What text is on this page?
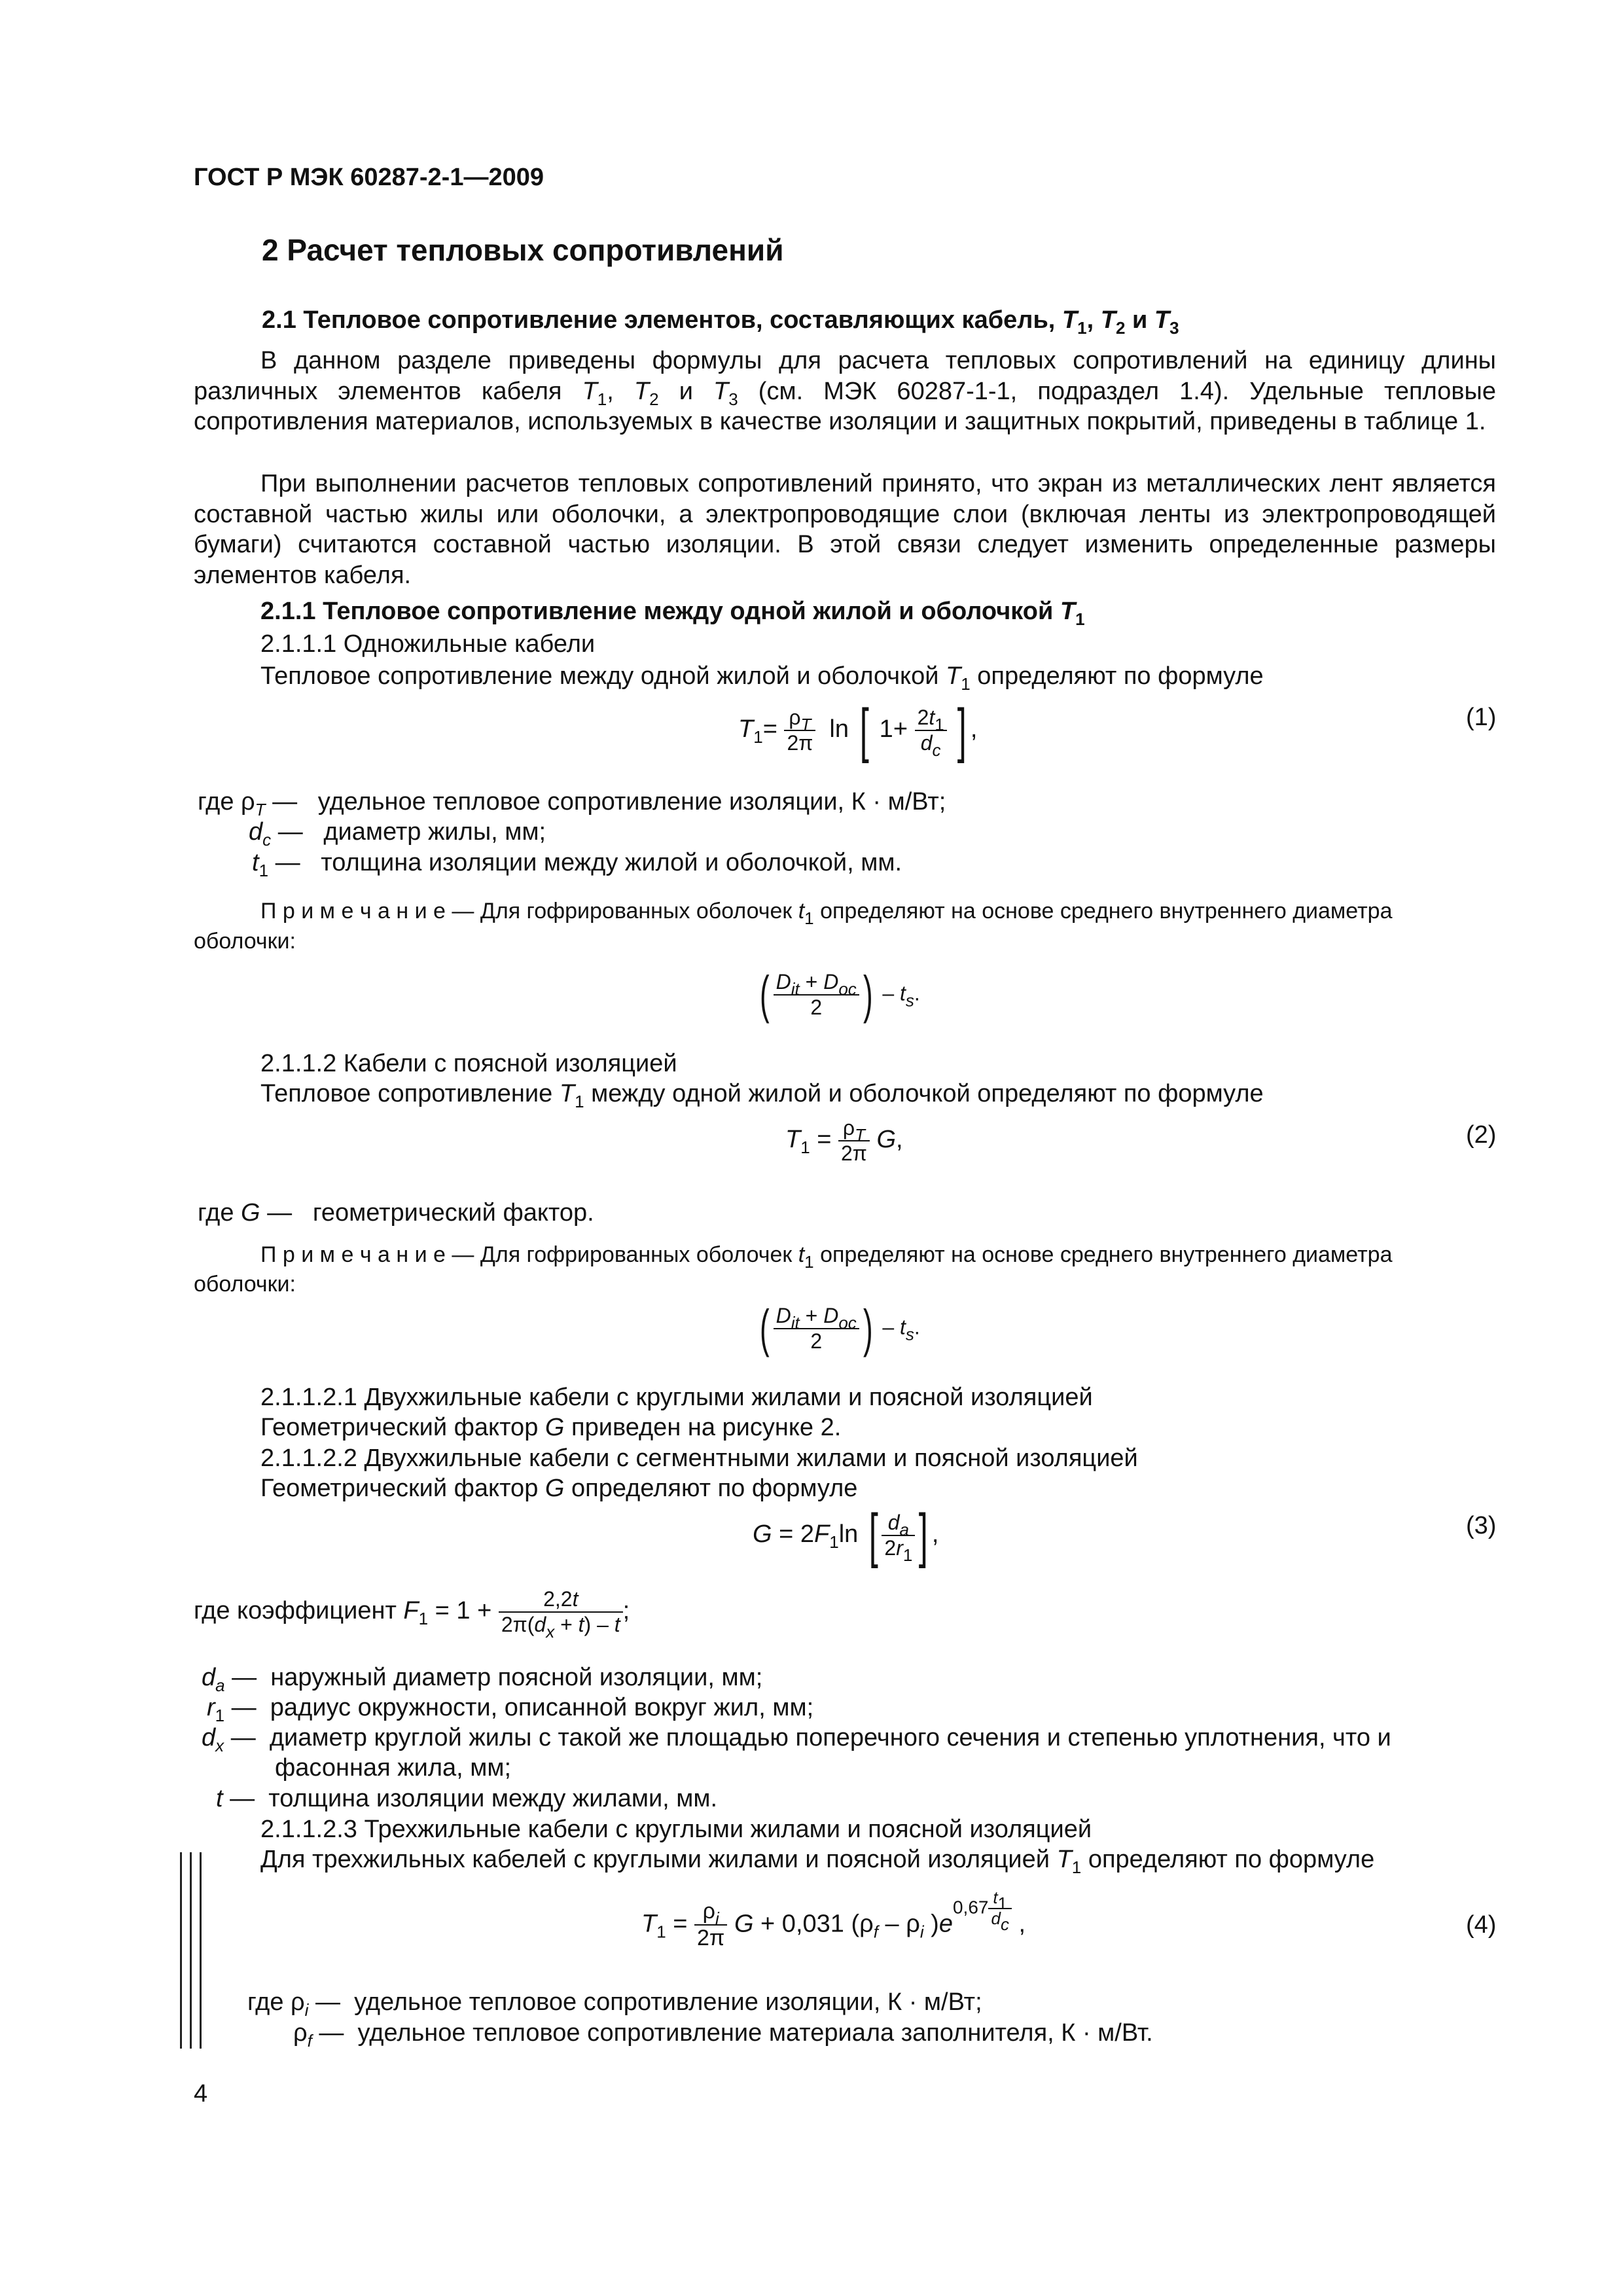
ГОСТ Р МЭК 60287-2-1—2009
2 Расчет тепловых сопротивлений
2.1 Тепловое сопротивление элементов, составляющих кабель, $T_1$, $T_2$ и $T_3$
В данном разделе приведены формулы для расчета тепловых сопротивлений на единицу длины различных элементов кабеля $T_1$, $T_2$ и $T_3$ (см. МЭК 60287-1-1, подраздел 1.4). Удельные тепловые сопротивления материалов, используемых в качестве изоляции и защитных покрытий, приведены в таблице 1.
При выполнении расчетов тепловых сопротивлений принято, что экран из металлических лент является составной частью жилы или оболочки, а электропроводящие слои (включая ленты из электропроводящей бумаги) считаются составной частью изоляции. В этой связи следует изменить определенные размеры элементов кабеля.
2.1.1 Тепловое сопротивление между одной жилой и оболочкой $T_1$
2.1.1.1 Одножильные кабели
Тепловое сопротивление между одной жилой и оболочкой $T_1$ определяют по формуле
$T_1= \frac{\rho_T}{2\pi}$ ln [ $1+ \frac{2t_1}{d_c}$ ] ,	(1)
где $\rho_T$ —   удельное тепловое сопротивление изоляции, К · м/Вт;
$d_c$ —   диаметр жилы, мм;
$t_1$ —   толщина изоляции между жилой и оболочкой, мм.
П р и м е ч а н и е — Для гофрированных оболочек $t_1$ определяют на основе среднего внутреннего диаметра
оболочки:
( $\frac{D_{it} + D_{oc}}{2}$ ) – $t_s$.
2.1.1.2 Кабели с поясной изоляцией
Тепловое сопротивление $T_1$ между одной жилой и оболочкой определяют по формуле
$T_1 = \frac{\rho_T}{2\pi} G$,	(2)
где G —   геометрический фактор.
П р и м е ч а н и е — Для гофрированных оболочек $t_1$ определяют на основе среднего внутреннего диаметра
оболочки:
( $\frac{D_{it} + D_{oc}}{2}$ ) – $t_s$.
2.1.1.2.1 Двухжильные кабели с круглыми жилами и поясной изоляцией
Геометрический фактор G приведен на рисунке 2.
2.1.1.2.2 Двухжильные кабели с сегментными жилами и поясной изоляцией
Геометрический фактор G определяют по формуле
$G = 2F_1\ln$ [ $\frac{d_a}{2r_1}$ ] ,	(3)
где коэффициент $F_1 = 1 + \frac{2,2t}{2\pi(d_x + t) - t}$ ;
$d_a$ —  наружный диаметр поясной изоляции, мм;
$r_1$ —  радиус окружности, описанной вокруг жил, мм;
$d_x$ —  диаметр круглой жилы с такой же площадью поперечного сечения и степенью уплотнения, что и
фасонная жила, мм;
t —  толщина изоляции между жилами, мм.
2.1.1.2.3 Трехжильные кабели с круглыми жилами и поясной изоляцией
Для трехжильных кабелей с круглыми жилами и поясной изоляцией $T_1$ определяют по формуле
$T_1 = \frac{\rho_i}{2\pi}$ G + 0,031 ($\rho_f - \rho_i$ )$e0,67 \frac{t_1}{d_c}$ ,	(4)
где $\rho_i$ —  удельное тепловое сопротивление изоляции, К · м/Вт;
$\rho_f$ —  удельное тепловое сопротивление материала заполнителя, К · м/Вт.
4
